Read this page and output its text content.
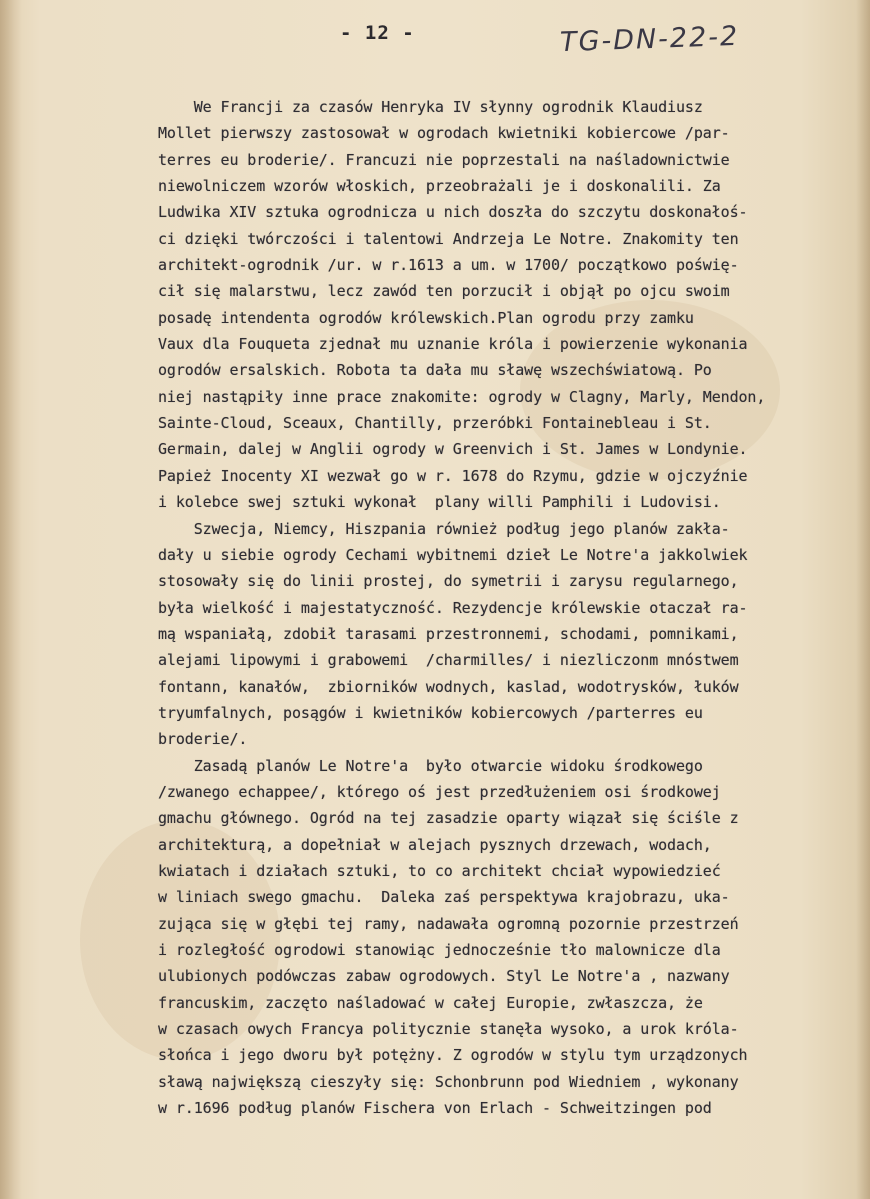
- 12 -	TG-DN-22-2
We Francji za czasów Henryka IV słynny ogrodnik Klaudiusz
Mollet pierwszy zastosował w ogrodach kwietniki kobiercowe /par-
terres eu broderie/. Francuzi nie poprzestali na naśladownictwie
niewolniczem wzorów włoskich, przeobrażali je i doskonalili. Za
Ludwika XIV sztuka ogrodnicza u nich doszła do szczytu doskonałoś-
ci dzięki twórczości i talentowi Andrzeja Le Notre. Znakomity ten
architekt-ogrodnik /ur. w r.1613 a um. w 1700/ początkowo poświę-
cił się malarstwu, lecz zawód ten porzucił i objął po ojcu swoim
posadę intendenta ogrodów królewskich.Plan ogrodu przy zamku
Vaux dla Fouqueta zjednał mu uznanie króla i powierzenie wykonania
ogrodów ersalskich. Robota ta dała mu sławę wszechświatową. Po
niej nastąpiły inne prace znakomite: ogrody w Clagny, Marly, Mendon,
Sainte-Cloud, Sceaux, Chantilly, przeróbki Fontainebleau i St.
Germain, dalej w Anglii ogrody w Greenvich i St. James w Londynie.
Papież Inocenty XI wezwał go w r. 1678 do Rzymu, gdzie w ojczyźnie
i kolebce swej sztuki wykonał  plany willi Pamphili i Ludovisi.
Szwecja, Niemcy, Hiszpania również podług jego planów zakła-
dały u siebie ogrody Cechami wybitnemi dzieł Le Notre'a jakkolwiek
stosowały się do linii prostej, do symetrii i zarysu regularnego,
była wielkość i majestatyczność. Rezydencje królewskie otaczał ra-
mą wspaniałą, zdobił tarasami przestronnemi, schodami, pomnikami,
alejami lipowymi i grabowemi  /charmilles/ i niezliczonm mnóstwem
fontann, kanałów,  zbiorników wodnych, kaslad, wodotrysków, łuków
tryumfalnych, posągów i kwietników kobiercowych /parterres eu
broderie/.
Zasadą planów Le Notre'a  było otwarcie widoku środkowego
/zwanego echappee/, którego oś jest przedłużeniem osi środkowej
gmachu głównego. Ogród na tej zasadzie oparty wiązał się ściśle z
architekturą, a dopełniał w alejach pysznych drzewach, wodach,
kwiatach i działach sztuki, to co architekt chciał wypowiedzieć
w liniach swego gmachu.  Daleka zaś perspektywa krajobrazu, uka-
zująca się w głębi tej ramy, nadawała ogromną pozornie przestrzeń
i rozległość ogrodowi stanowiąc jednocześnie tło malownicze dla
ulubionych podówczas zabaw ogrodowych. Styl Le Notre'a , nazwany
francuskim, zaczęto naśladować w całej Europie, zwłaszcza, że
w czasach owych Francya politycznie stanęła wysoko, a urok króla-
słońca i jego dworu był potężny. Z ogrodów w stylu tym urządzonych
sławą największą cieszyły się: Schonbrunn pod Wiedniem , wykonany
w r.1696 podług planów Fischera von Erlach - Schweitzingen pod
